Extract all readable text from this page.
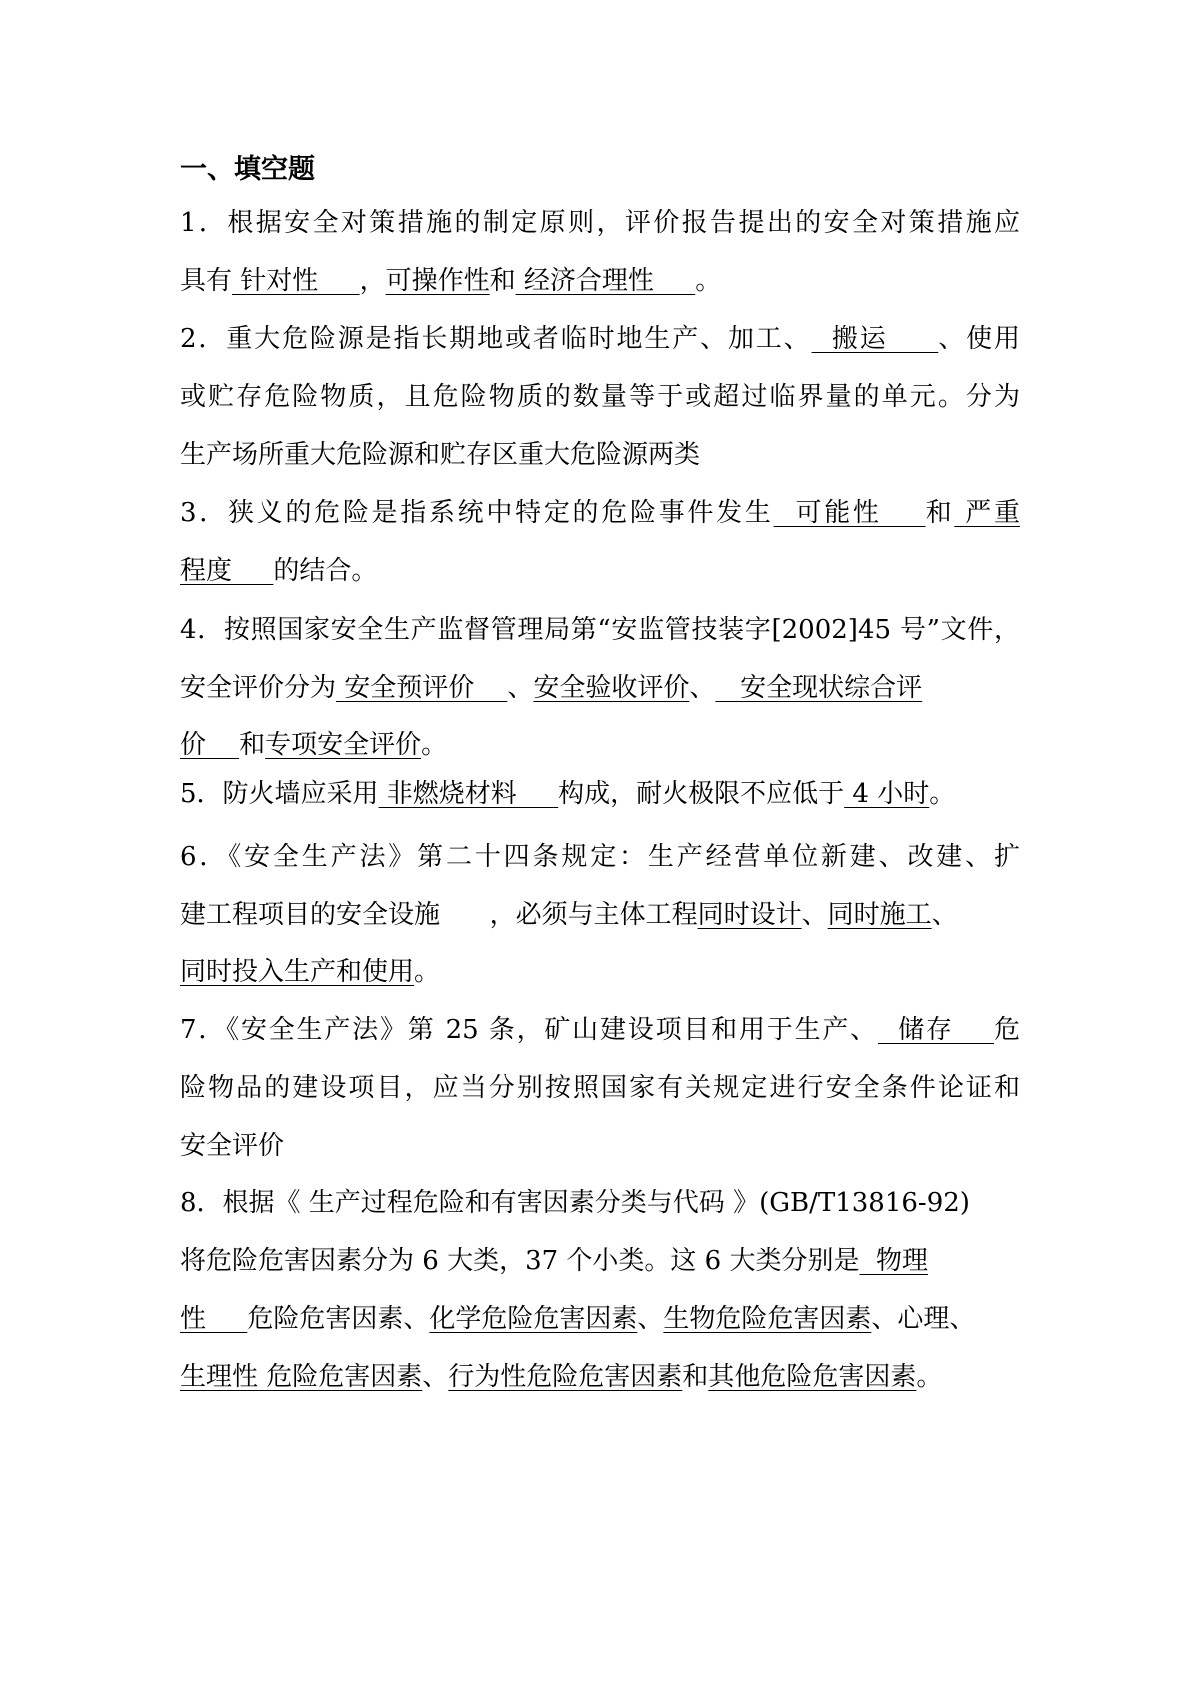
一、填空题

1．根据安全对策措施的制定原则，评价报告提出的安全对策措施应

具有 针对性     ，可操作性和 经济合理性     。

2．重大危险源是指长期地或者临时地生产、加工、  搬运     、使用

或贮存危险物质，且危险物质的数量等于或超过临界量的单元。分为

生产场所重大危险源和贮存区重大危险源两类

3．狭义的危险是指系统中特定的危险事件发生  可能性    和 严重

程度     的结合。

4．按照国家安全生产监督管理局第“安监管技装字[2002]45 号”文件，

安全评价分为 安全预评价    、安全验收评价、   安全现状综合评

价    和专项安全评价。

5．防火墙应采用 非燃烧材料     构成，耐火极限不应低于 4 小时。

6．《安全生产法》第二十四条规定：生产经营单位新建、改建、扩

建工程项目的安全设施 ，必须与主体工程同时设计、同时施工、

同时投入生产和使用。

7．《安全生产法》第 25 条，矿山建设项目和用于生产、  储存    危

险物品的建设项目，应当分别按照国家有关规定进行安全条件论证和

安全评价

8．根据《 生产过程危险和有害因素分类与代码 》(GB/T13816-92)

将危险危害因素分为 6 大类，37 个小类。这 6 大类分别是  物理

性     危险危害因素、化学危险危害因素、生物危险危害因素、心理、

生理性 危险危害因素、行为性危险危害因素和其他危险危害因素。
